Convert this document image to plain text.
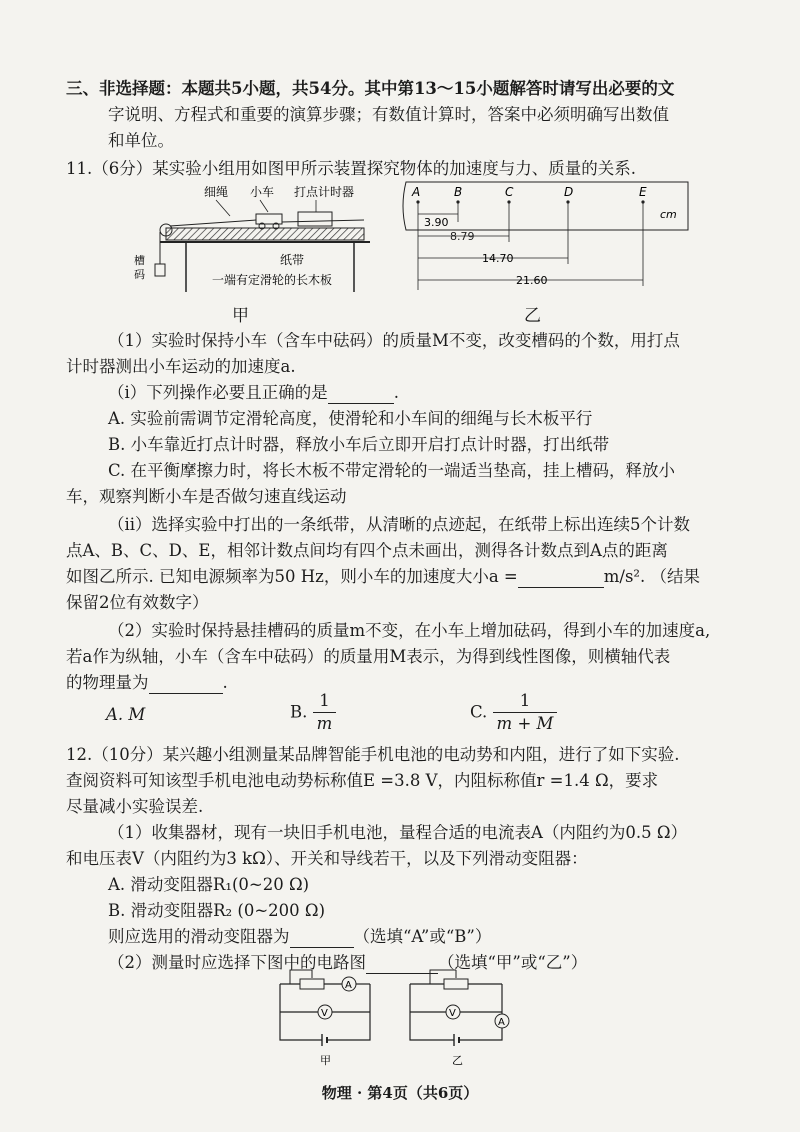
三、非选择题：本题共5小题，共54分。其中第13～15小题解答时请写出必要的文
字说明、方程式和重要的演算步骤；有数值计算时，答案中必须明确写出数值
和单位。
11.（6分）某实验小组用如图甲所示装置探究物体的加速度与力、质量的关系.
细绳 小车 打点计时器
槽
码
纸带
一端有定滑轮的长木板
甲
A	B	C	D	E
cm
3.90
8.79
14.70
21.60
乙
（1）实验时保持小车（含车中砝码）的质量M不变，改变槽码的个数，用打点
计时器测出小车运动的加速度a.
（i）下列操作必要且正确的是	.
A. 实验前需调节定滑轮高度，使滑轮和小车间的细绳与长木板平行
B. 小车靠近打点计时器，释放小车后立即开启打点计时器，打出纸带
C. 在平衡摩擦力时，将长木板不带定滑轮的一端适当垫高，挂上槽码，释放小
车，观察判断小车是否做匀速直线运动
（ii）选择实验中打出的一条纸带，从清晰的点迹起，在纸带上标出连续5个计数
点A、B、C、D、E，相邻计数点间均有四个点未画出，测得各计数点到A点的距离
如图乙所示. 已知电源频率为50 Hz，则小车的加速度大小a =	m/s². （结果
保留2位有效数字）
（2）实验时保持悬挂槽码的质量m不变，在小车上增加砝码，得到小车的加速度a,
若a作为纵轴，小车（含车中砝码）的质量用M表示，为得到线性图像，则横轴代表
的物理量为	.
A. M	B. $\frac{1}{m}$	C. $\frac{1}{m + M}$
12.（10分）某兴趣小组测量某品牌智能手机电池的电动势和内阻，进行了如下实验.
查阅资料可知该型手机电池电动势标称值E =3.8 V，内阻标称值r =1.4 Ω，要求
尽量减小实验误差.
（1）收集器材，现有一块旧手机电池，量程合适的电流表A（内阻约为0.5 Ω）
和电压表V（内阻约为3 kΩ）、开关和导线若干，以及下列滑动变阻器：
A. 滑动变阻器R₁(0~20 Ω)
B. 滑动变阻器R₂ (0~200 Ω)
则应选用的滑动变阻器为	（选填“A”或“B”）
（2）测量时应选择下图中的电路图	（选填“甲”或“乙”）
A
V
甲
A
V
乙
物理 · 第4页（共6页）
